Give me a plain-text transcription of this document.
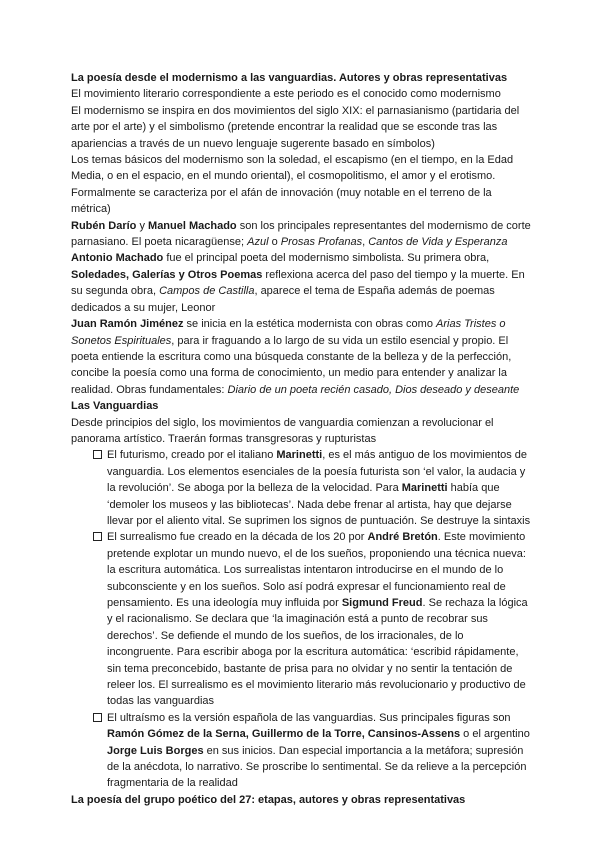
La poesía desde el modernismo a las vanguardias. Autores y obras representativas

El movimiento literario correspondiente a este periodo es el conocido como modernismo

El modernismo se inspira en dos movimientos del siglo XIX: el parnasianismo (partidaria del arte por el arte) y el simbolismo (pretende encontrar la realidad que se esconde tras las apariencias a través de un nuevo lenguaje sugerente basado en símbolos)

Los temas básicos del modernismo son la soledad, el escapismo (en el tiempo, en la Edad Media, o en el espacio, en el mundo oriental), el cosmopolitismo, el amor y el erotismo.

Formalmente se caracteriza por el afán de innovación (muy notable en el terreno de la métrica)

Rubén Darío y Manuel Machado son los principales representantes del modernismo de corte parnasiano. El poeta nicaragüense; Azul o Prosas Profanas, Cantos de Vida y Esperanza

Antonio Machado fue el principal poeta del modernismo simbolista. Su primera obra, Soledades, Galerías y Otros Poemas reflexiona acerca del paso del tiempo y la muerte. En su segunda obra, Campos de Castilla, aparece el tema de España además de poemas dedicados a su mujer, Leonor

Juan Ramón Jiménez se inicia en la estética modernista con obras como Arias Tristes o Sonetos Espirituales, para ir fraguando a lo largo de su vida un estilo esencial y propio. El poeta entiende la escritura como una búsqueda constante de la belleza y de la perfección, concibe la poesía como una forma de conocimiento, un medio para entender y analizar la realidad. Obras fundamentales: Diario de un poeta recién casado, Dios deseado y deseante

Las Vanguardias

Desde principios del siglo, los movimientos de vanguardia comienzan a revolucionar el panorama artístico. Traerán formas transgresoras y rupturistas

El futurismo, creado por el italiano Marinetti, es el más antiguo de los movimientos de vanguardia. Los elementos esenciales de la poesía futurista son ‘el valor, la audacia y la revolución’. Se aboga por la belleza de la velocidad. Para Marinetti había que ‘demoler los museos y las bibliotecas’. Nada debe frenar al artista, hay que dejarse llevar por el aliento vital. Se suprimen los signos de puntuación. Se destruye la sintaxis
El surrealismo fue creado en la década de los 20 por André Bretón. Este movimiento pretende explotar un mundo nuevo, el de los sueños, proponiendo una técnica nueva: la escritura automática. Los surrealistas intentaron introducirse en el mundo de lo subconsciente y en los sueños. Solo así podrá expresar el funcionamiento real de pensamiento. Es una ideología muy influida por Sigmund Freud. Se rechaza la lógica y el racionalismo. Se declara que ‘la imaginación está a punto de recobrar sus derechos’. Se defiende el mundo de los sueños, de los irracionales, de lo incongruente. Para escribir aboga por la escritura automática: ‘escribid rápidamente, sin tema preconcebido, bastante de prisa para no olvidar y no sentir la tentación de releer los. El surrealismo es el movimiento literario más revolucionario y productivo de todas las vanguardias
El ultraísmo es la versión española de las vanguardias. Sus principales figuras son Ramón Gómez de la Serna, Guillermo de la Torre, Cansinos-Assens o el argentino Jorge Luis Borges en sus inicios. Dan especial importancia a la metáfora; supresión de la anécdota, lo narrativo. Se proscribe lo sentimental. Se da relieve a la percepción fragmentaria de la realidad

La poesía del grupo poético del 27: etapas, autores y obras representativas
